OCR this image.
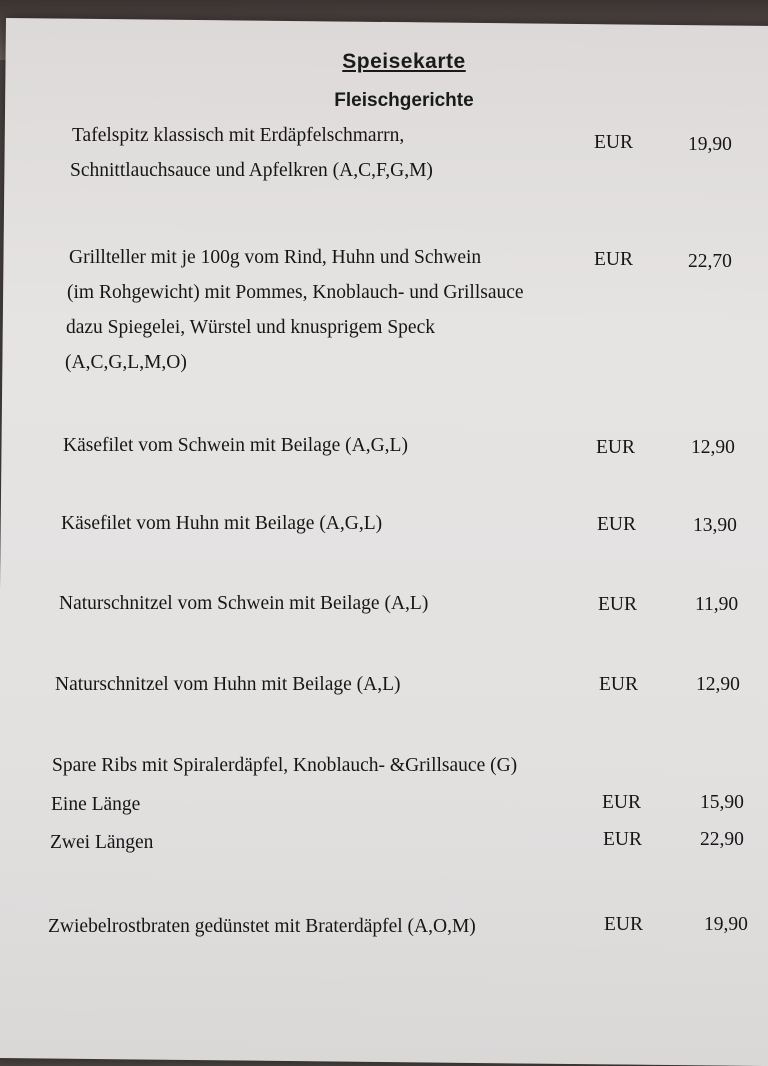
Speisekarte
Fleischgerichte
Tafelspitz klassisch mit Erdäpfelschmarrn,
Schnittlauchsauce und Apfelkren (A,C,F,G,M)
EUR	19,90
Grillteller mit je 100g vom Rind, Huhn und Schwein
(im Rohgewicht) mit Pommes, Knoblauch- und Grillsauce
dazu Spiegelei, Würstel und knusprigem Speck
(A,C,G,L,M,O)
EUR	22,70
Käsefilet vom Schwein mit Beilage (A,G,L)	EUR	12,90
Käsefilet vom Huhn mit Beilage (A,G,L)	EUR	13,90
Naturschnitzel vom Schwein mit Beilage (A,L)	EUR	11,90
Naturschnitzel vom Huhn mit Beilage (A,L)	EUR	12,90
Spare Ribs mit Spiralerdäpfel, Knoblauch- &Grillsauce (G)
Eine Länge	EUR	15,90
Zwei Längen	EUR	22,90
Zwiebelrostbraten gedünstet mit Braterdäpfel (A,O,M)	EUR	19,90
